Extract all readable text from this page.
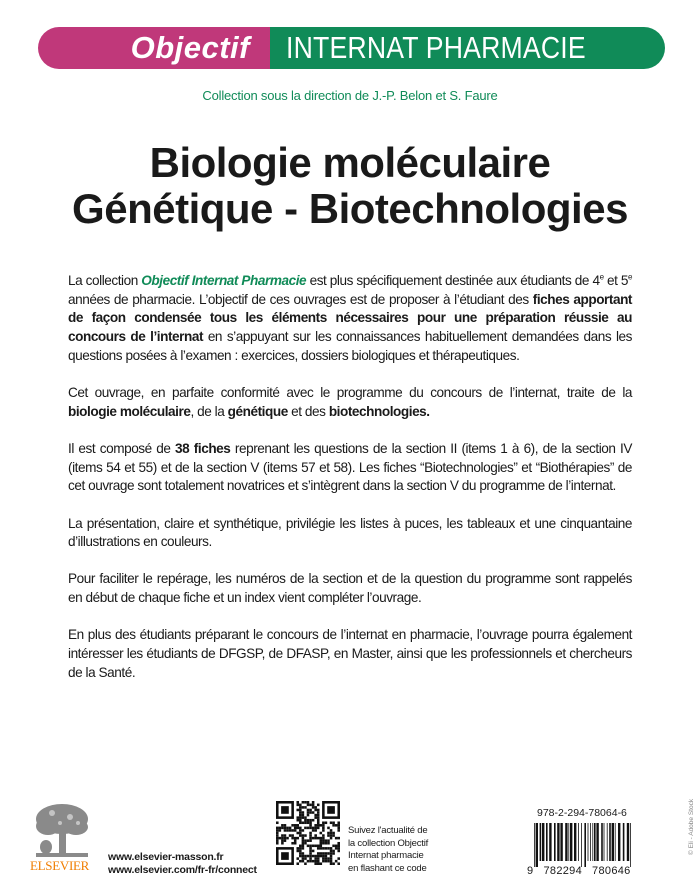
Objectif	INTERNAT PHARMACIE
Collection sous la direction de J.-P. Belon et S. Faure
Biologie moléculaire
Génétique - Biotechnologies

La collection Objectif Internat Pharmacie est plus spécifiquement destinée aux étudiants de 4e et 5e années de pharmacie. L’objectif de ces ouvrages est de proposer à l’étudiant des fiches apportant de façon condensée tous les éléments nécessaires pour une préparation réussie au concours de l’internat en s’appuyant sur les connaissances habituellement demandées dans les questions posées à l’examen : exercices, dossiers biologiques et thérapeutiques.

Cet ouvrage, en parfaite conformité avec le programme du concours de l’internat, traite de la biologie moléculaire, de la génétique et des biotechnologies.

Il est composé de 38 fiches reprenant les questions de la section II (items 1 à 6), de la section IV (items 54 et 55) et de la section V (items 57 et 58). Les fiches “Biotechnologies” et “Biothérapies” de cet ouvrage sont totalement novatrices et s’intègrent dans la section V du programme de l’internat.

La présentation, claire et synthétique, privilégie les listes à puces, les tableaux et une cinquantaine d’illustrations en couleurs.

Pour faciliter le repérage, les numéros de la section et de la question du programme sont rappelés en début de chaque fiche et un index vient compléter l’ouvrage.

En plus des étudiants préparant le concours de l’internat en pharmacie, l’ouvrage pourra également intéresser les étudiants de DFGSP, de DFASP, en Master, ainsi que les professionnels et chercheurs de la Santé.

ELSEVIER
www.elsevier-masson.fr
www.elsevier.com/fr-fr/connect
Suivez l'actualité de
la collection Objectif
Internat pharmacie
en flashant ce code
978-2-294-78064-6
9   782294   780646
© Eli - Adobe Stock
